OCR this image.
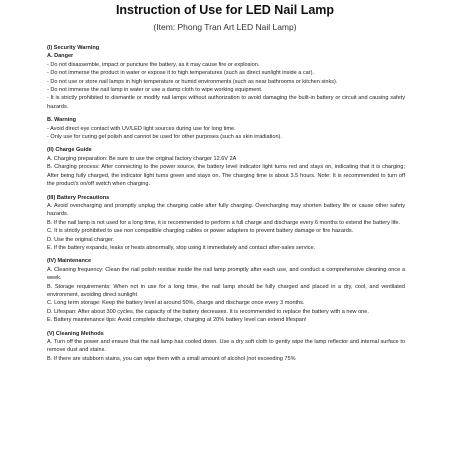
Instruction of Use for LED Nail Lamp
(Item: Phong Tran Art LED Nail Lamp)
(I) Security Warning
A. Danger
- Do not disassemble, impact or puncture the battery, as it may cause fire or explosion.
- Do not immerse the product in water or expose it to high temperatures (such as direct sunlight inside a car).
- Do not use or store nail lamps in high temperature or humid environments (such as near bathrooms or kitchen sinks).
- Do not immerse the nail lamp in water or use a damp cloth to wipe working equipment.
- It is strictly prohibited to dismantle or modify nail lamps without authorization to avoid damaging the built-in battery or circuit and causing safety hazards.
B. Warning
- Avoid direct eye contact with UV/LED light sources during use for long time.
- Only use for curing gel polish and cannot be used for other purposes (such as skin irradiation).
(II) Charge Guide
A. Charging preparation: Be sure to use the original factory charger 12.6V 2A
B. Charging process: After connecting to the power source, the battery level indicator light turns red and stays on, indicating that it is charging; After being fully charged, the indicator light turns green and stays on. The charging time is about 3.5 hours. Note: It is recommended to turn off the product's on/off switch when charging.
(III) Battery Precautions
A. Avoid overcharging and promptly unplug the charging cable after fully charging. Overcharging may shorten battery life or cause other safety hazards.
B. If the nail lamp is not used for a long time, it is recommended to perform a full charge and discharge every 6 months to extend the battery life.
C. It is strictly prohibited to use non compatible charging cables or power adapters to prevent battery damage or fire hazards.
D. Use the original charger.
E. If the battery expands, leaks or heats abnormally, stop using it immediately and contact after-sales service.
(IV) Maintenance
A. Cleaning frequency: Clean the nail polish residue inside the nail lamp promptly after each use, and conduct a comprehensive cleaning once a week.
B. Storage requirements: When not in use for a long time, the nail lamp should be fully charged and placed in a dry, cool, and ventilated environment, avoiding direct sunlight
C. Long term storage: Keep the battery level at around 50%, charge and discharge once every 3 months.
D. Lifespan: After about 300 cycles, the capacity of the battery decreases. It is recommended to replace the battery with a new one.
E. Battery maintenance tips: Avoid complete discharge, charging at 20% battery level can extend lifespan!
(V) Cleaning Methods
A. Turn off the power and ensure that the nail lamp has cooled down. Use a dry soft cloth to gently wipe the lamp reflector and internal surface to remove dust and stains.
B. If there are stubborn stains, you can wipe them with a small amount of alcohol (not exceeding 75%
